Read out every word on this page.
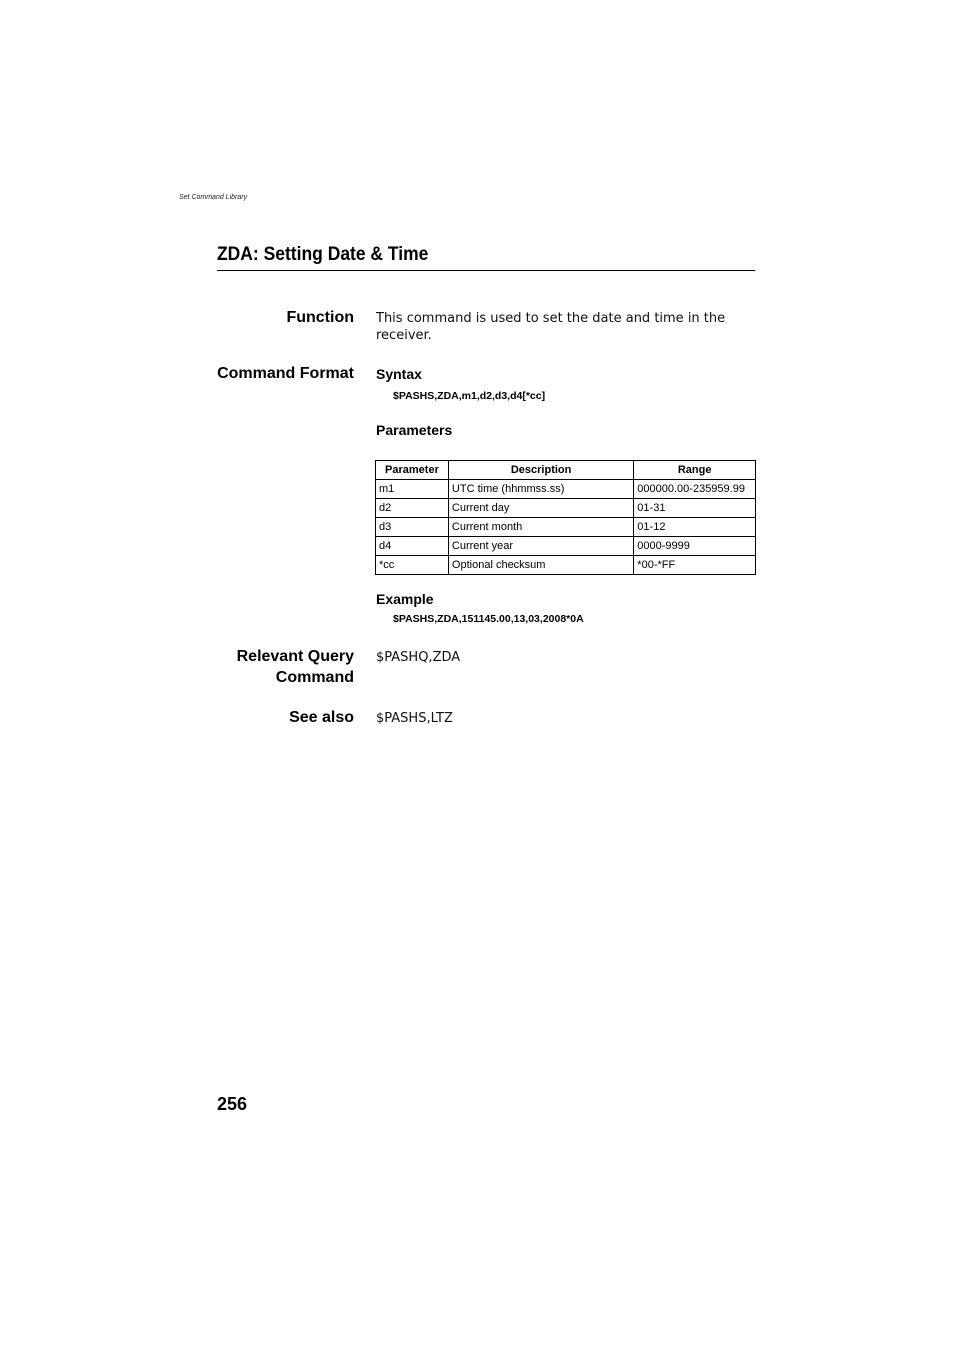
Set Command Library
ZDA: Setting Date & Time
Function This command is used to set the date and time in the
receiver.
Command Format Syntax
$PASHS,ZDA,m1,d2,d3,d4[*cc]
Parameters
Parameter	Description	Range
m1	UTC time (hhmmss.ss)	000000.00-235959.99
d2	Current day	01-31
d3	Current month	01-12
d4	Current year	0000-9999
*cc	Optional checksum	*00-*FF
Example
$PASHS,ZDA,151145.00,13,03,2008*0A
Relevant Query
Command
$PASHQ,ZDA
See also $PASHS,LTZ
256
